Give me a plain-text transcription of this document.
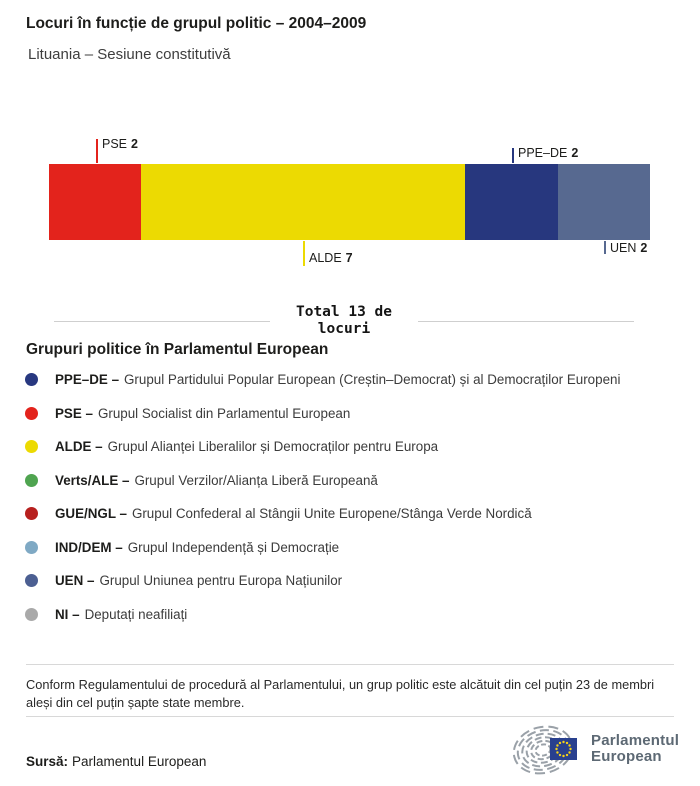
Locuri în funcție de grupul politic – 2004–2009
Lituania – Sesiune constitutivă
PSE 2
PPE–DE 2
ALDE 7
UEN 2
Total 13 de locuri
Grupuri politice în Parlamentul European
PPE–DE – Grupul Partidului Popular European (Creștin–Democrat) și al Democraților Europeni
PSE – Grupul Socialist din Parlamentul European
ALDE – Grupul Alianței Liberalilor și Democraților pentru Europa
Verts/ALE – Grupul Verzilor/Alianța Liberă Europeană
GUE/NGL – Grupul Confederal al Stângii Unite Europene/Stânga Verde Nordică
IND/DEM – Grupul Independență și Democrație
UEN – Grupul Uniunea pentru Europa Națiunilor
NI – Deputați neafiliați
Conform Regulamentului de procedură al Parlamentului, un grup politic este alcătuit din cel puțin 23 de membri aleși din cel puțin șapte state membre.
Sursă: Parlamentul European
Parlamentul
European
